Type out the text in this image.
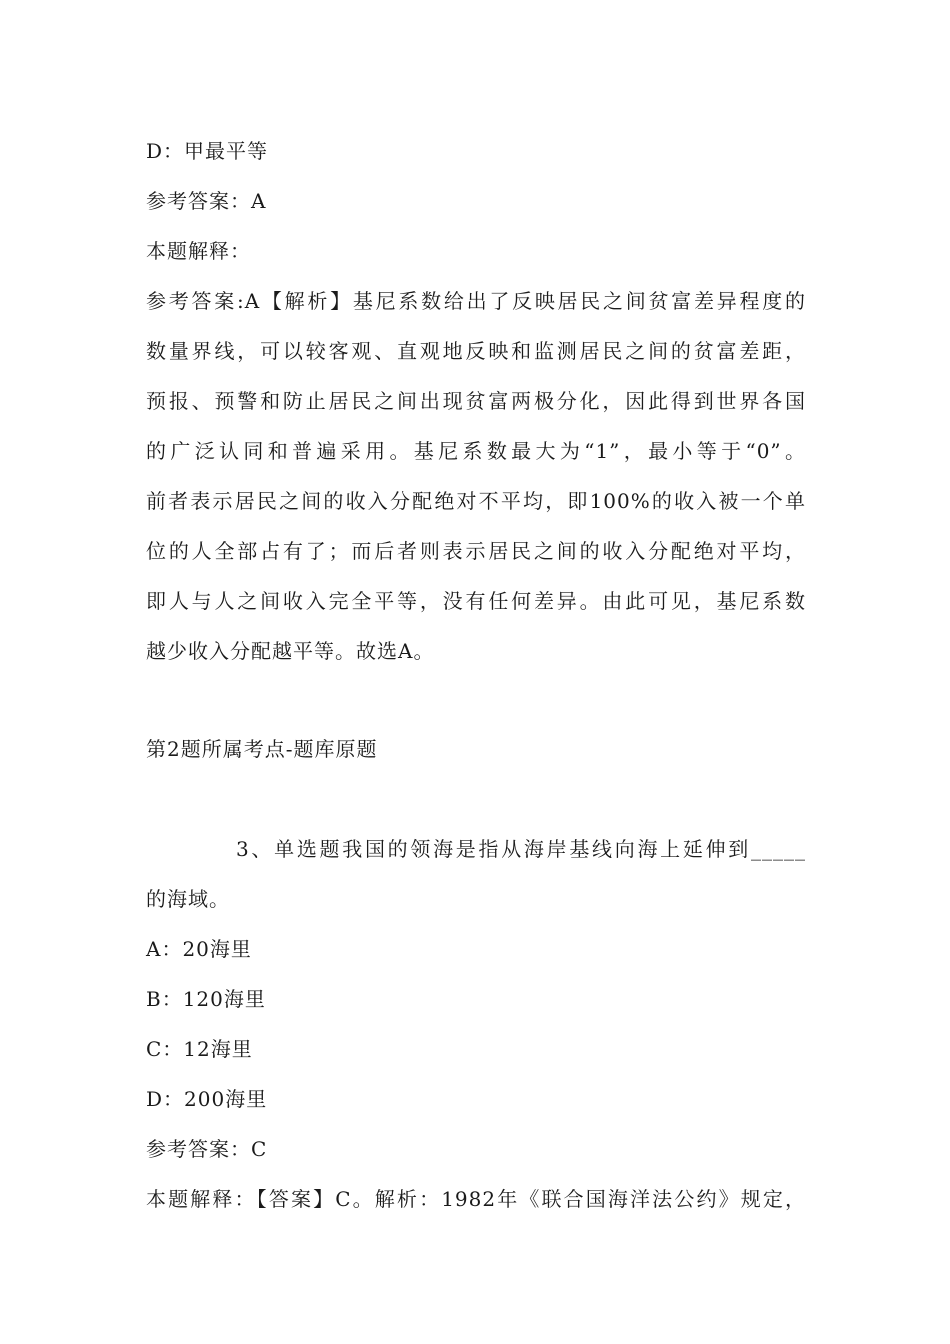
D：甲最平等
参考答案：A
本题解释：
参考答案:A【解析】基尼系数给出了反映居民之间贫富差异程度的
数量界线，可以较客观、直观地反映和监测居民之间的贫富差距，
预报、预警和防止居民之间出现贫富两极分化，因此得到世界各国
的广泛认同和普遍采用。基尼系数最大为“1”，最小等于“0”。
前者表示居民之间的收入分配绝对不平均，即100%的收入被一个单
位的人全部占有了；而后者则表示居民之间的收入分配绝对平均，
即人与人之间收入完全平等，没有任何差异。由此可见，基尼系数
越少收入分配越平等。故选A。
第2题所属考点-题库原题
3、单选题我国的领海是指从海岸基线向海上延伸到_____
的海域。
A：20海里
B：120海里
C：12海里
D：200海里
参考答案：C
本题解释：【答案】C。解析：1982年《联合国海洋法公约》规定，
